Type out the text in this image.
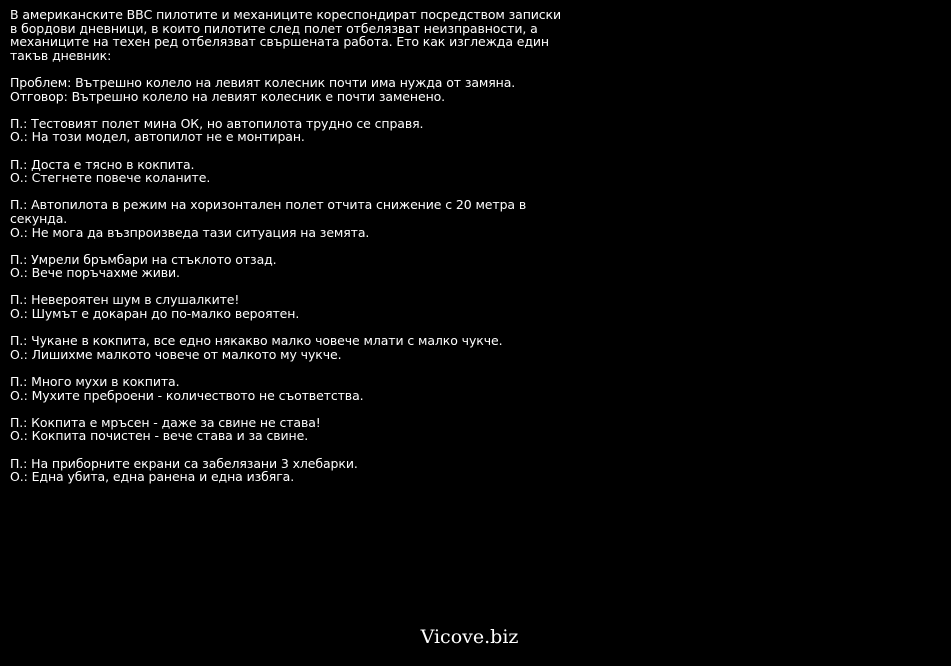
В американските ВВС пилотите и механиците кореспондират посредством записки в бордови дневници, в които пилотите след полет отбелязват неизправности, а механиците на техен ред отбелязват свършената работа. Ето как изглежда един такъв дневник:
Проблем: Вътрешно колело на левият колесник почти има нужда от замяна.
Отговор: Вътрешно колело на левият колесник е почти заменено.
П.: Тестовият полет мина ОК, но автопилота трудно се справя.
О.: На този модел, автопилот не е монтиран.
П.: Доста е тясно в кокпита.
О.: Стегнете повече коланите.
П.: Автопилота в режим на хоризонтален полет отчита снижение с 20 метра в секунда.
О.: Не мога да възпроизведа тази ситуация на земята.
П.: Умрели бръмбари на стъклото отзад.
О.: Вече поръчахме живи.
П.: Невероятен шум в слушалките!
О.: Шумът е докаран до по-малко вероятен.
П.: Чукане в кокпита, все едно някакво малко човече млати с малко чукче.
О.: Лишихме малкото човече от малкото му чукче.
П.: Много мухи в кокпита.
О.: Мухите преброени - количеството не съответства.
П.: Кокпита е мръсен - даже за свине не става!
О.: Кокпита почистен - вече става и за свине.
П.: На приборните екрани са забелязани 3 хлебарки.
О.: Една убита, една ранена и една избяга.
Vicove.biz
